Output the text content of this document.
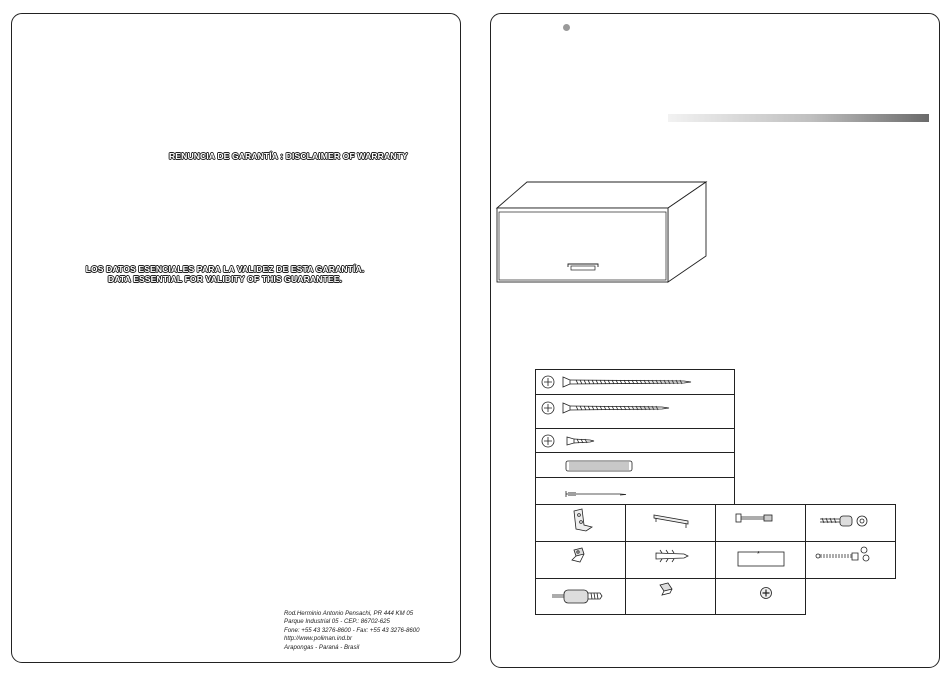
RENUNCIA DE GARANTÍA : DISCLAIMER OF WARRANTY
LOS DATOS ESENCIALES PARA LA VALIDEZ DE ESTA GARANTÍA.
DATA ESSENTIAL FOR VALIDITY OF THIS GUARANTEE.
Rod.Herminio Antonio Pensachi, PR 444 KM 05
Parque Industrial 05 - CEP.: 86702-625
Fone: +55 43 3276-8600 - Fax: +55 43 3276-8600
http://www.poliman.ind.br
Arapongas - Paraná - Brasil
*
